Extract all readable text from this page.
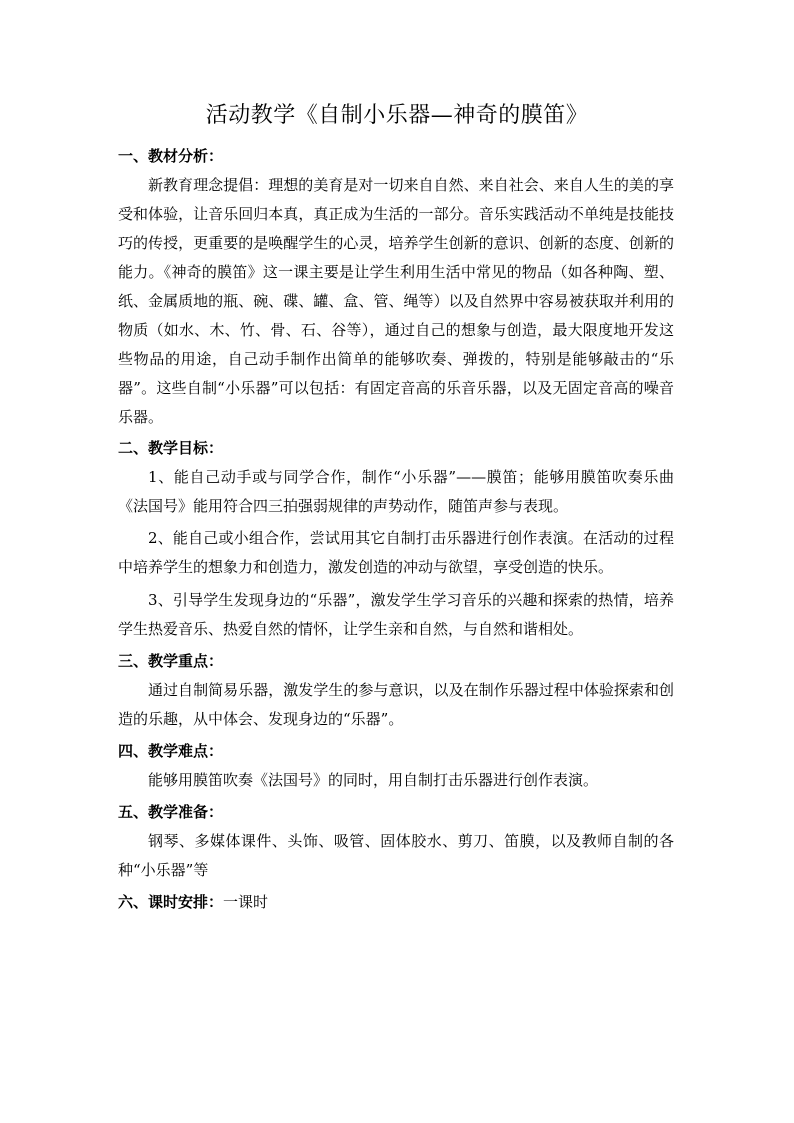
活动教学《自制小乐器—神奇的膜笛》
一、教材分析：

新教育理念提倡：理想的美育是对一切来自自然、来自社会、来自人生的美的享受和体验，让音乐回归本真，真正成为生活的一部分。音乐实践活动不单纯是技能技巧的传授，更重要的是唤醒学生的心灵，培养学生创新的意识、创新的态度、创新的能力。《神奇的膜笛》这一课主要是让学生利用生活中常见的物品（如各种陶、塑、纸、金属质地的瓶、碗、碟、罐、盒、管、绳等）以及自然界中容易被获取并利用的物质（如水、木、竹、骨、石、谷等），通过自己的想象与创造，最大限度地开发这些物品的用途，自己动手制作出简单的能够吹奏、弹拨的，特别是能够敲击的“乐器”。这些自制“小乐器”可以包括：有固定音高的乐音乐器，以及无固定音高的噪音乐器。

二、教学目标：

1、能自己动手或与同学合作，制作“小乐器”——膜笛；能够用膜笛吹奏乐曲《法国号》能用符合四三拍强弱规律的声势动作，随笛声参与表现。

2、能自己或小组合作，尝试用其它自制打击乐器进行创作表演。在活动的过程中培养学生的想象力和创造力，激发创造的冲动与欲望，享受创造的快乐。

3、引导学生发现身边的“乐器”，激发学生学习音乐的兴趣和探索的热情，培养学生热爱音乐、热爱自然的情怀，让学生亲和自然，与自然和谐相处。

三、教学重点：

通过自制简易乐器，激发学生的参与意识，以及在制作乐器过程中体验探索和创造的乐趣，从中体会、发现身边的“乐器”。

四、教学难点：

能够用膜笛吹奏《法国号》的同时，用自制打击乐器进行创作表演。

五、教学准备：

钢琴、多媒体课件、头饰、吸管、固体胶水、剪刀、笛膜，以及教师自制的各种“小乐器”等

六、课时安排：一课时
